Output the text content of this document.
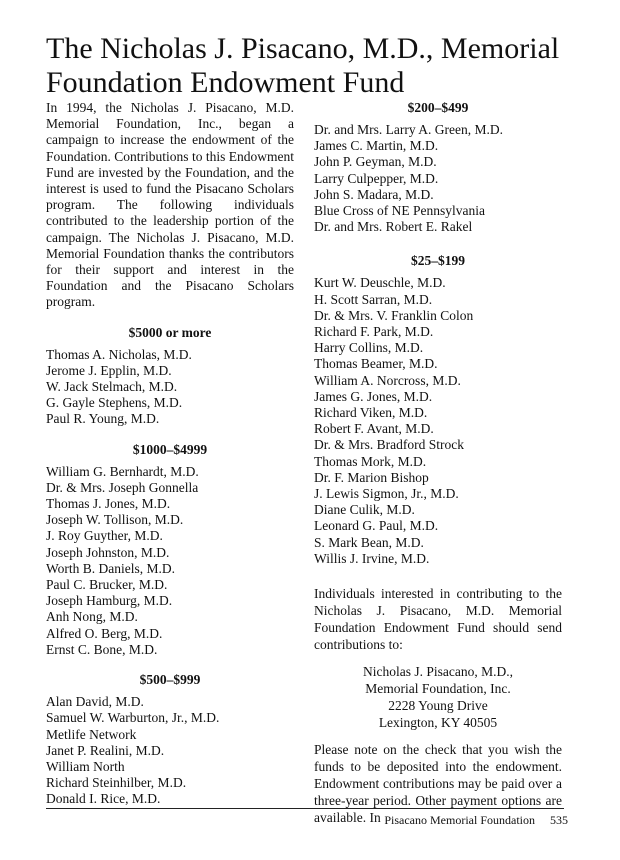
The Nicholas J. Pisacano, M.D., Memorial
Foundation Endowment Fund

In 1994, the Nicholas J. Pisacano, M.D. Memorial Foundation, Inc., began a campaign to increase the endowment of the Foundation. Contributions to this Endowment Fund are invested by the Foundation, and the interest is used to fund the Pisacano Scholars program. The following individuals contributed to the leadership portion of the campaign. The Nicholas J. Pisacano, M.D. Memorial Foundation thanks the contributors for their support and interest in the Foundation and the Pisacano Scholars program.

$5000 or more
Thomas A. Nicholas, M.D.
Jerome J. Epplin, M.D.
W. Jack Stelmach, M.D.
G. Gayle Stephens, M.D.
Paul R. Young, M.D.
$1000–$4999
William G. Bernhardt, M.D.
Dr. & Mrs. Joseph Gonnella
Thomas J. Jones, M.D.
Joseph W. Tollison, M.D.
J. Roy Guyther, M.D.
Joseph Johnston, M.D.
Worth B. Daniels, M.D.
Paul C. Brucker, M.D.
Joseph Hamburg, M.D.
Anh Nong, M.D.
Alfred O. Berg, M.D.
Ernst C. Bone, M.D.
$500–$999
Alan David, M.D.
Samuel W. Warburton, Jr., M.D.
Metlife Network
Janet P. Realini, M.D.
William North
Richard Steinhilber, M.D.
Donald I. Rice, M.D.
$200–$499
Dr. and Mrs. Larry A. Green, M.D.
James C. Martin, M.D.
John P. Geyman, M.D.
Larry Culpepper, M.D.
John S. Madara, M.D.
Blue Cross of NE Pennsylvania
Dr. and Mrs. Robert E. Rakel
$25–$199
Kurt W. Deuschle, M.D.
H. Scott Sarran, M.D.
Dr. & Mrs. V. Franklin Colon
Richard F. Park, M.D.
Harry Collins, M.D.
Thomas Beamer, M.D.
William A. Norcross, M.D.
James G. Jones, M.D.
Richard Viken, M.D.
Robert F. Avant, M.D.
Dr. & Mrs. Bradford Strock
Thomas Mork, M.D.
Dr. F. Marion Bishop
J. Lewis Sigmon, Jr., M.D.
Diane Culik, M.D.
Leonard G. Paul, M.D.
S. Mark Bean, M.D.
Willis J. Irvine, M.D.

Individuals interested in contributing to the Nicholas J. Pisacano, M.D. Memorial Foundation Endowment Fund should send contributions to:

Nicholas J. Pisacano, M.D.,
Memorial Foundation, Inc.
2228 Young Drive
Lexington, KY 40505

Please note on the check that you wish the funds to be deposited into the endowment. Endowment contributions may be paid over a three-year period. Other payment options are available. In Pisacano Memorial Foundation 535
